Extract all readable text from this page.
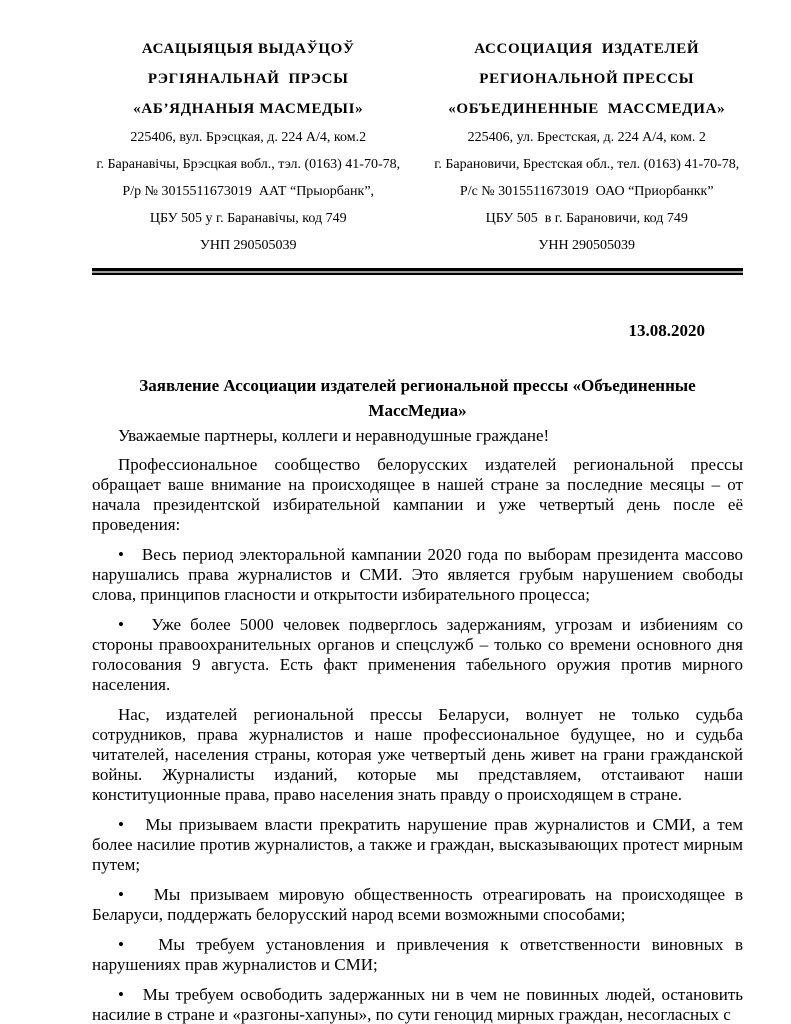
АСАЦЫЯЦЫЯ ВЫДАЎЦОЎ
РЭГІЯНАЛЬНАЙ  ПРЭСЫ
«АБ’ЯДНАНЫЯ МАСМЕДЫІ»
225406, вул. Брэсцкая, д. 224 А/4, ком.2
г. Баранавічы, Брэсцкая вобл., тэл. (0163) 41-70-78,
Р/р № 3015511673019  ААТ “Прыорбанк”,
ЦБУ 505 у г. Баранавічы, код 749
УНП 290505039
АССОЦИАЦИЯ  ИЗДАТЕЛЕЙ
РЕГИОНАЛЬНОЙ ПРЕССЫ
«ОБЪЕДИНЕННЫЕ  МАССМЕДИА»
225406, ул. Брестская, д. 224 А/4, ком. 2
г. Барановичи, Брестская обл., тел. (0163) 41-70-78,
Р/с № 3015511673019  ОАО “Приорбанкк”
ЦБУ 505  в г. Барановичи, код 749
УНН 290505039
13.08.2020
Заявление Ассоциации издателей региональной прессы «Объединенные
МассМедиа»

Уважаемые партнеры, коллеги и неравнодушные граждане!

Профессиональное сообщество белорусских издателей региональной прессы обращает ваше внимание на происходящее в нашей стране за последние месяцы – от начала президентской избирательной кампании и уже четвертый день после её проведения:

•   Весь период электоральной кампании 2020 года по выборам президента массово нарушались права журналистов и СМИ. Это является грубым нарушением свободы слова, принципов гласности и открытости избирательного процесса;

•   Уже более 5000 человек подверглось задержаниям, угрозам и избиениям со стороны правоохранительных органов и спецслужб – только со времени основного дня голосования 9 августа. Есть факт применения табельного оружия против мирного населения.

Нас, издателей региональной прессы Беларуси, волнует не только судьба сотрудников, права журналистов и наше профессиональное будущее, но и судьба читателей, населения страны, которая уже четвертый день живет на грани гражданской войны. Журналисты изданий, которые мы представляем, отстаивают наши конституционные права, право населения знать правду о происходящем в стране.

•   Мы призываем власти прекратить нарушение прав журналистов и СМИ, а тем более насилие против журналистов, а также и граждан, высказывающих протест мирным путем;

•   Мы призываем мировую общественность отреагировать на происходящее в Беларуси, поддержать белорусский народ всеми возможными способами;

•   Мы требуем установления и привлечения к ответственности виновных в нарушениях прав журналистов и СМИ;

•   Мы требуем освободить задержанных ни в чем не повинных людей, остановить насилие в стране и «разгоны-хапуны», по сути геноцид мирных граждан, несогласных с
